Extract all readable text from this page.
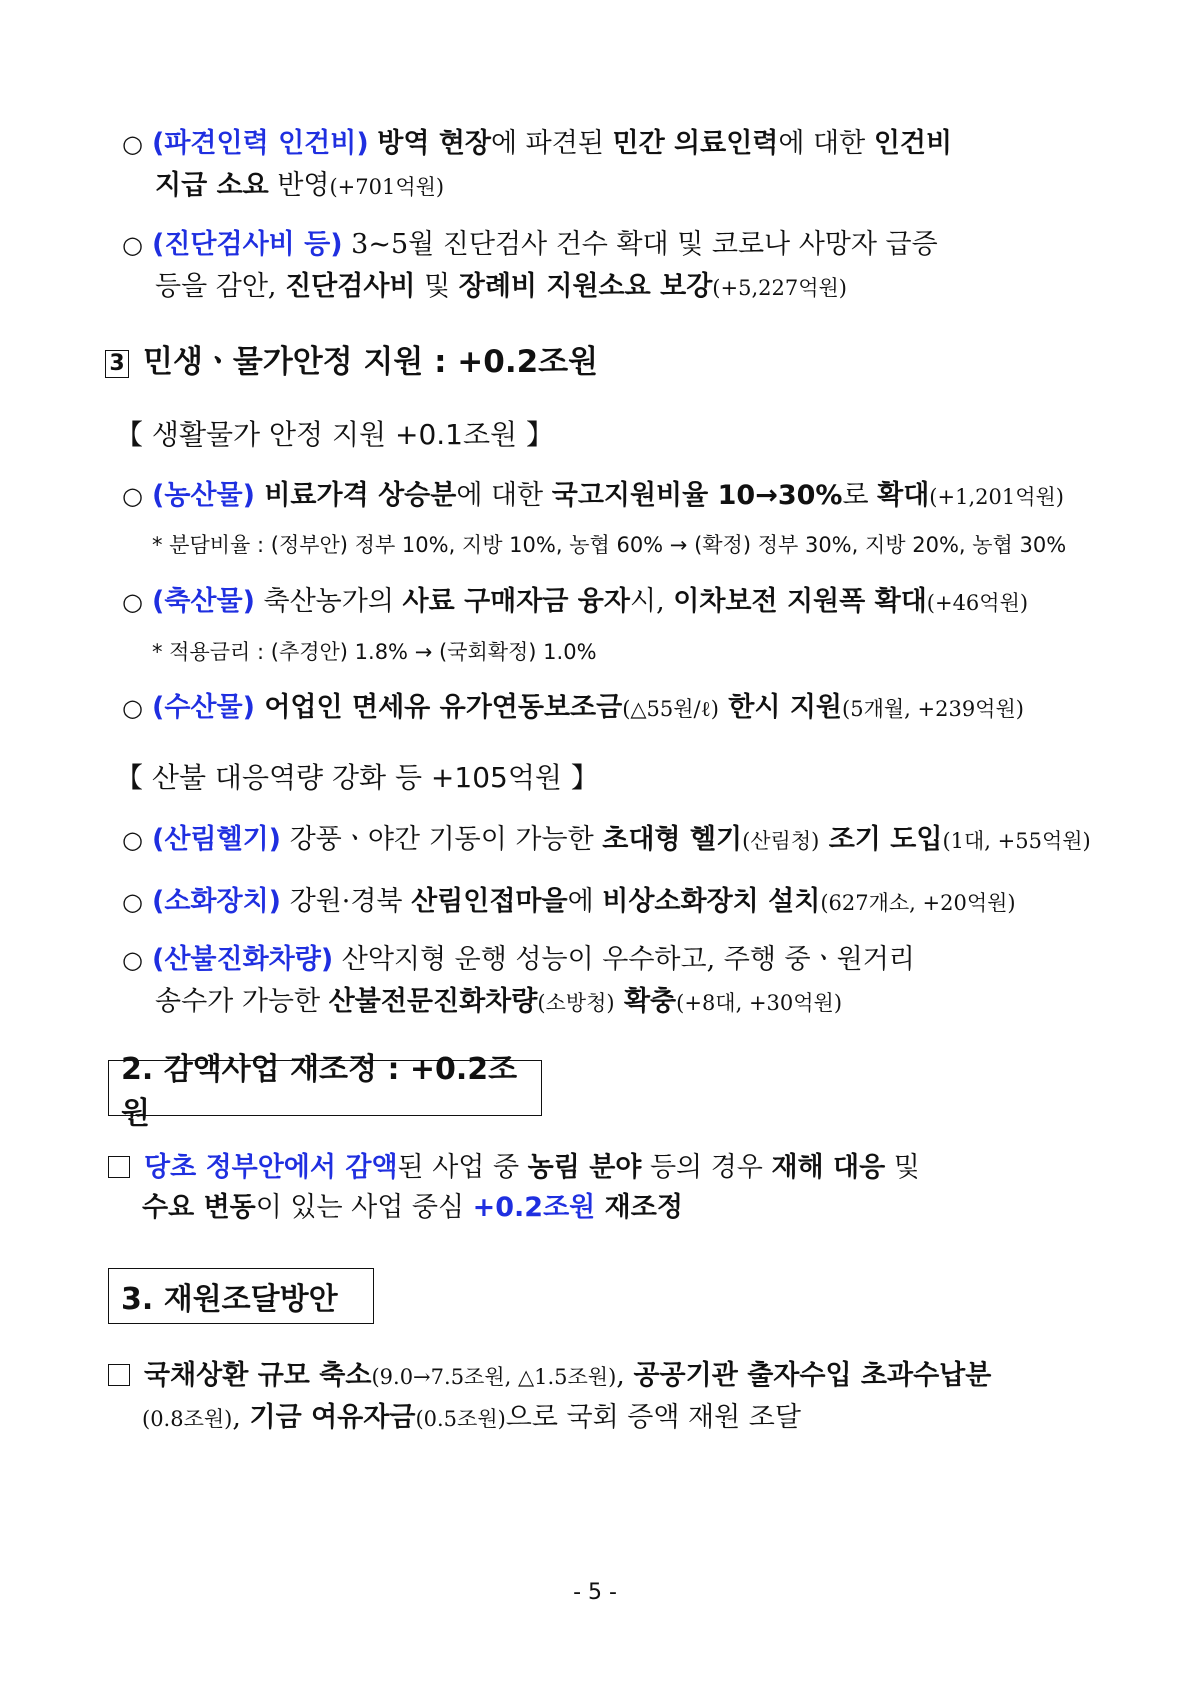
○ (파견인력 인건비) 방역 현장에 파견된 민간 의료인력에 대한 인건비
지급 소요 반영(+701억원)
○ (진단검사비 등) 3~5월 진단검사 건수 확대 및 코로나 사망자 급증
등을 감안, 진단검사비 및 장례비 지원소요 보강(+5,227억원)
3 민생ㆍ물가안정 지원 : +0.2조원
【 생활물가 안정 지원 +0.1조원 】
○ (농산물) 비료가격 상승분에 대한 국고지원비율 10→30%로 확대(+1,201억원)
* 분담비율 : (정부안) 정부 10%, 지방 10%, 농협 60% → (확정) 정부 30%, 지방 20%, 농협 30%
○ (축산물) 축산농가의 사료 구매자금 융자시, 이차보전 지원폭 확대(+46억원)
* 적용금리 : (추경안) 1.8% → (국회확정) 1.0%
○ (수산물) 어업인 면세유 유가연동보조금(△55원/ℓ) 한시 지원(5개월, +239억원)
【 산불 대응역량 강화 등 +105억원 】
○ (산림헬기) 강풍ㆍ야간 기동이 가능한 초대형 헬기(산림청) 조기 도입(1대, +55억원)
○ (소화장치) 강원·경북 산림인접마을에 비상소화장치 설치(627개소, +20억원)
○ (산불진화차량) 산악지형 운행 성능이 우수하고, 주행 중ㆍ원거리
송수가 가능한 산불전문진화차량(소방청) 확충(+8대, +30억원)
2. 감액사업 재조정 : +0.2조원
당초 정부안에서 감액된 사업 중 농림 분야 등의 경우 재해 대응 및
수요 변동이 있는 사업 중심 +0.2조원 재조정
3. 재원조달방안
국채상환 규모 축소(9.0→7.5조원, △1.5조원), 공공기관 출자수입 초과수납분
(0.8조원), 기금 여유자금(0.5조원)으로 국회 증액 재원 조달
- 5 -
